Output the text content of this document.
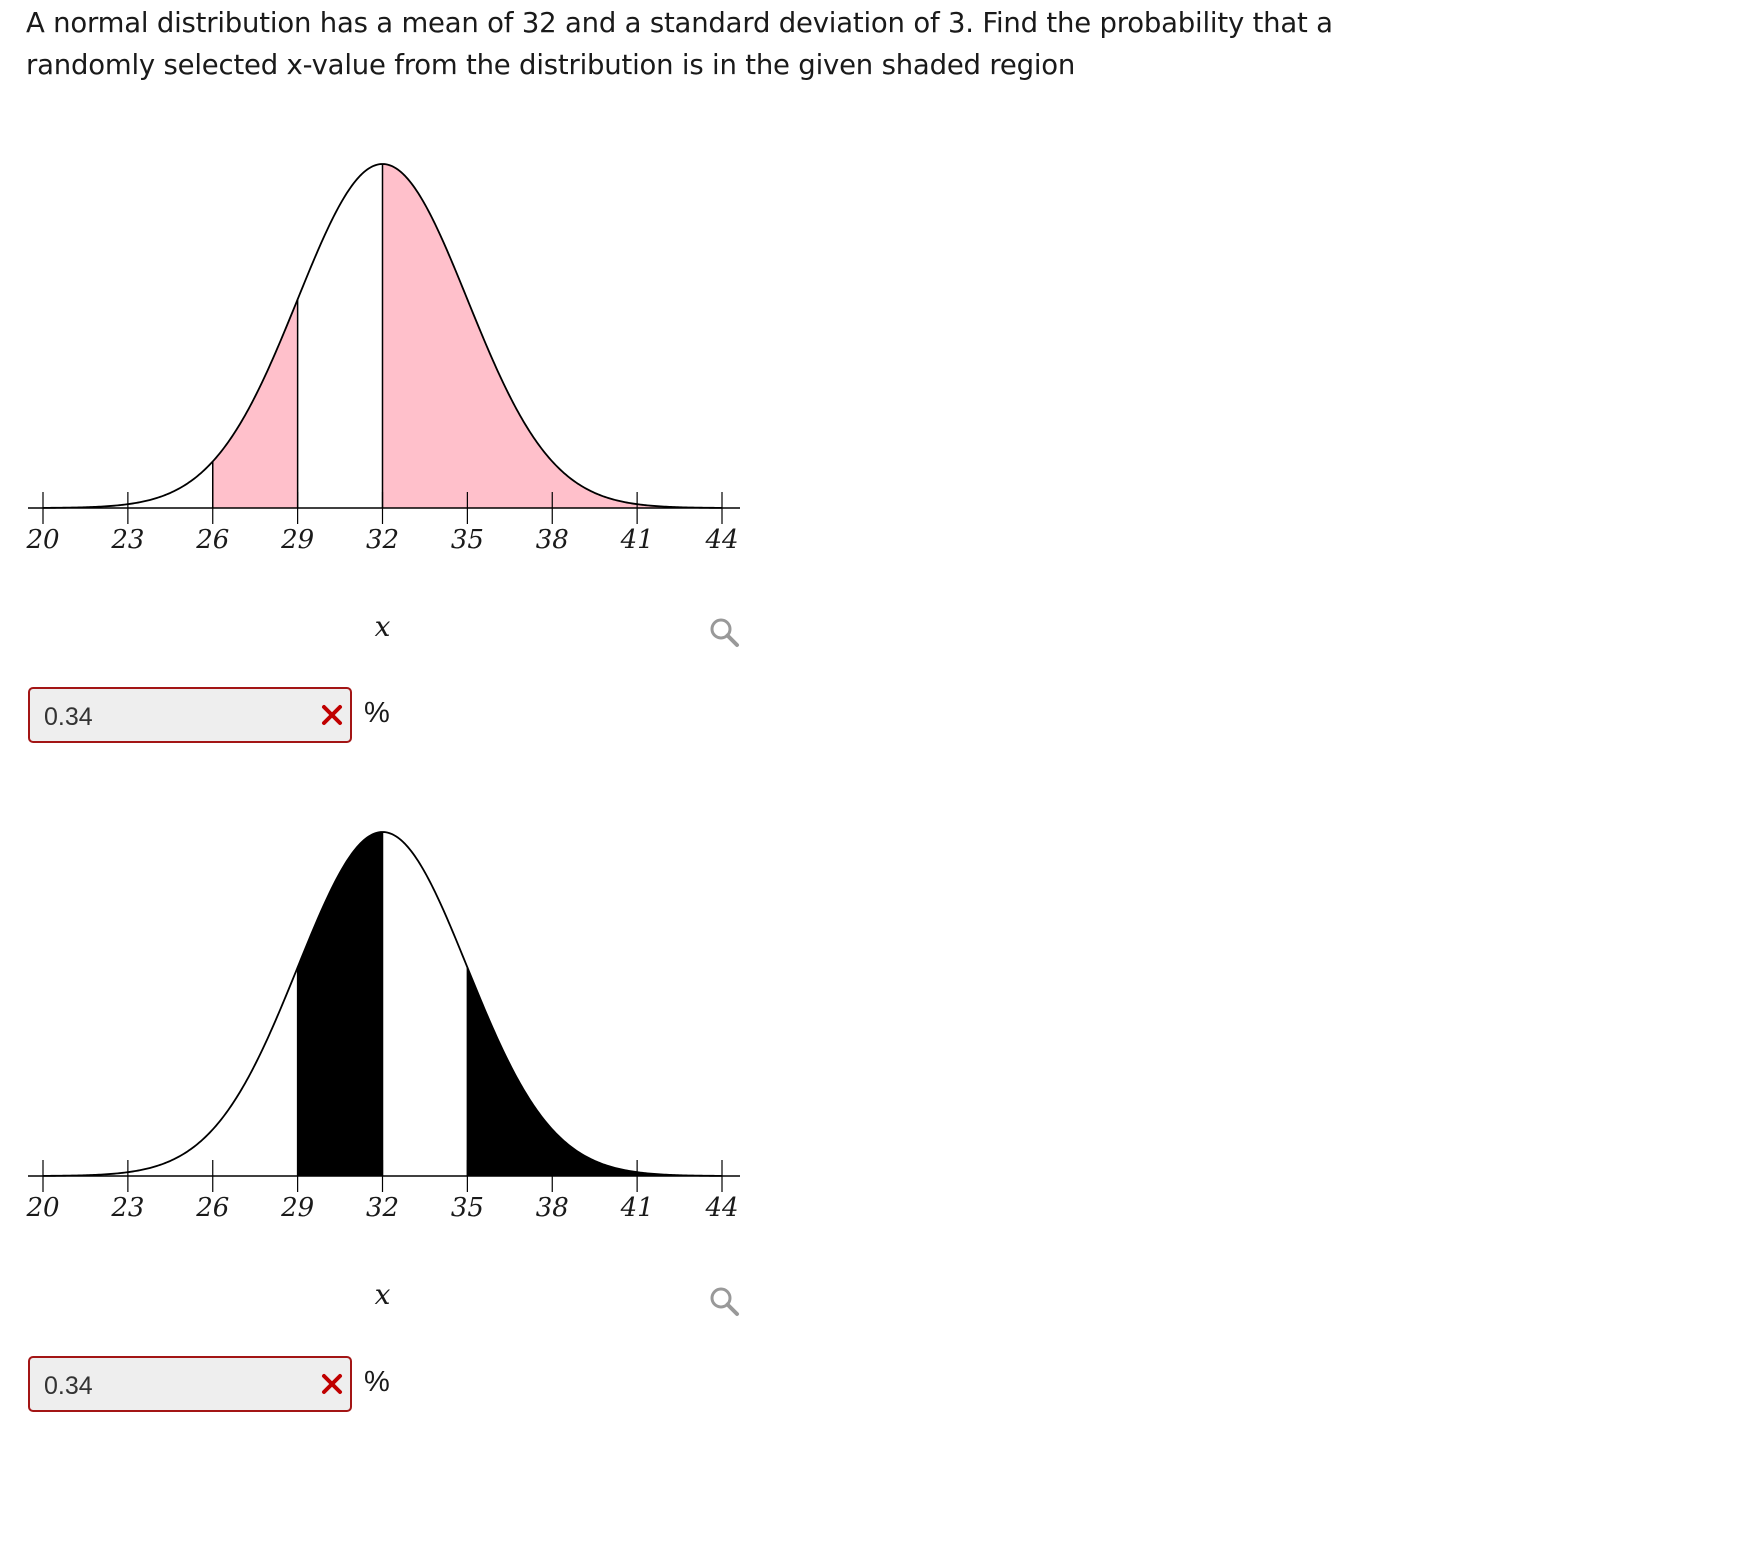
A normal distribution has a mean of 32 and a standard deviation of 3. Find the probability that a randomly selected x-value from the distribution is in the given shaded region
20 23 26 29 32 35 38 41 44
x
0.34	%
20 23 26 29 32 35 38 41 44
x
0.34	%
